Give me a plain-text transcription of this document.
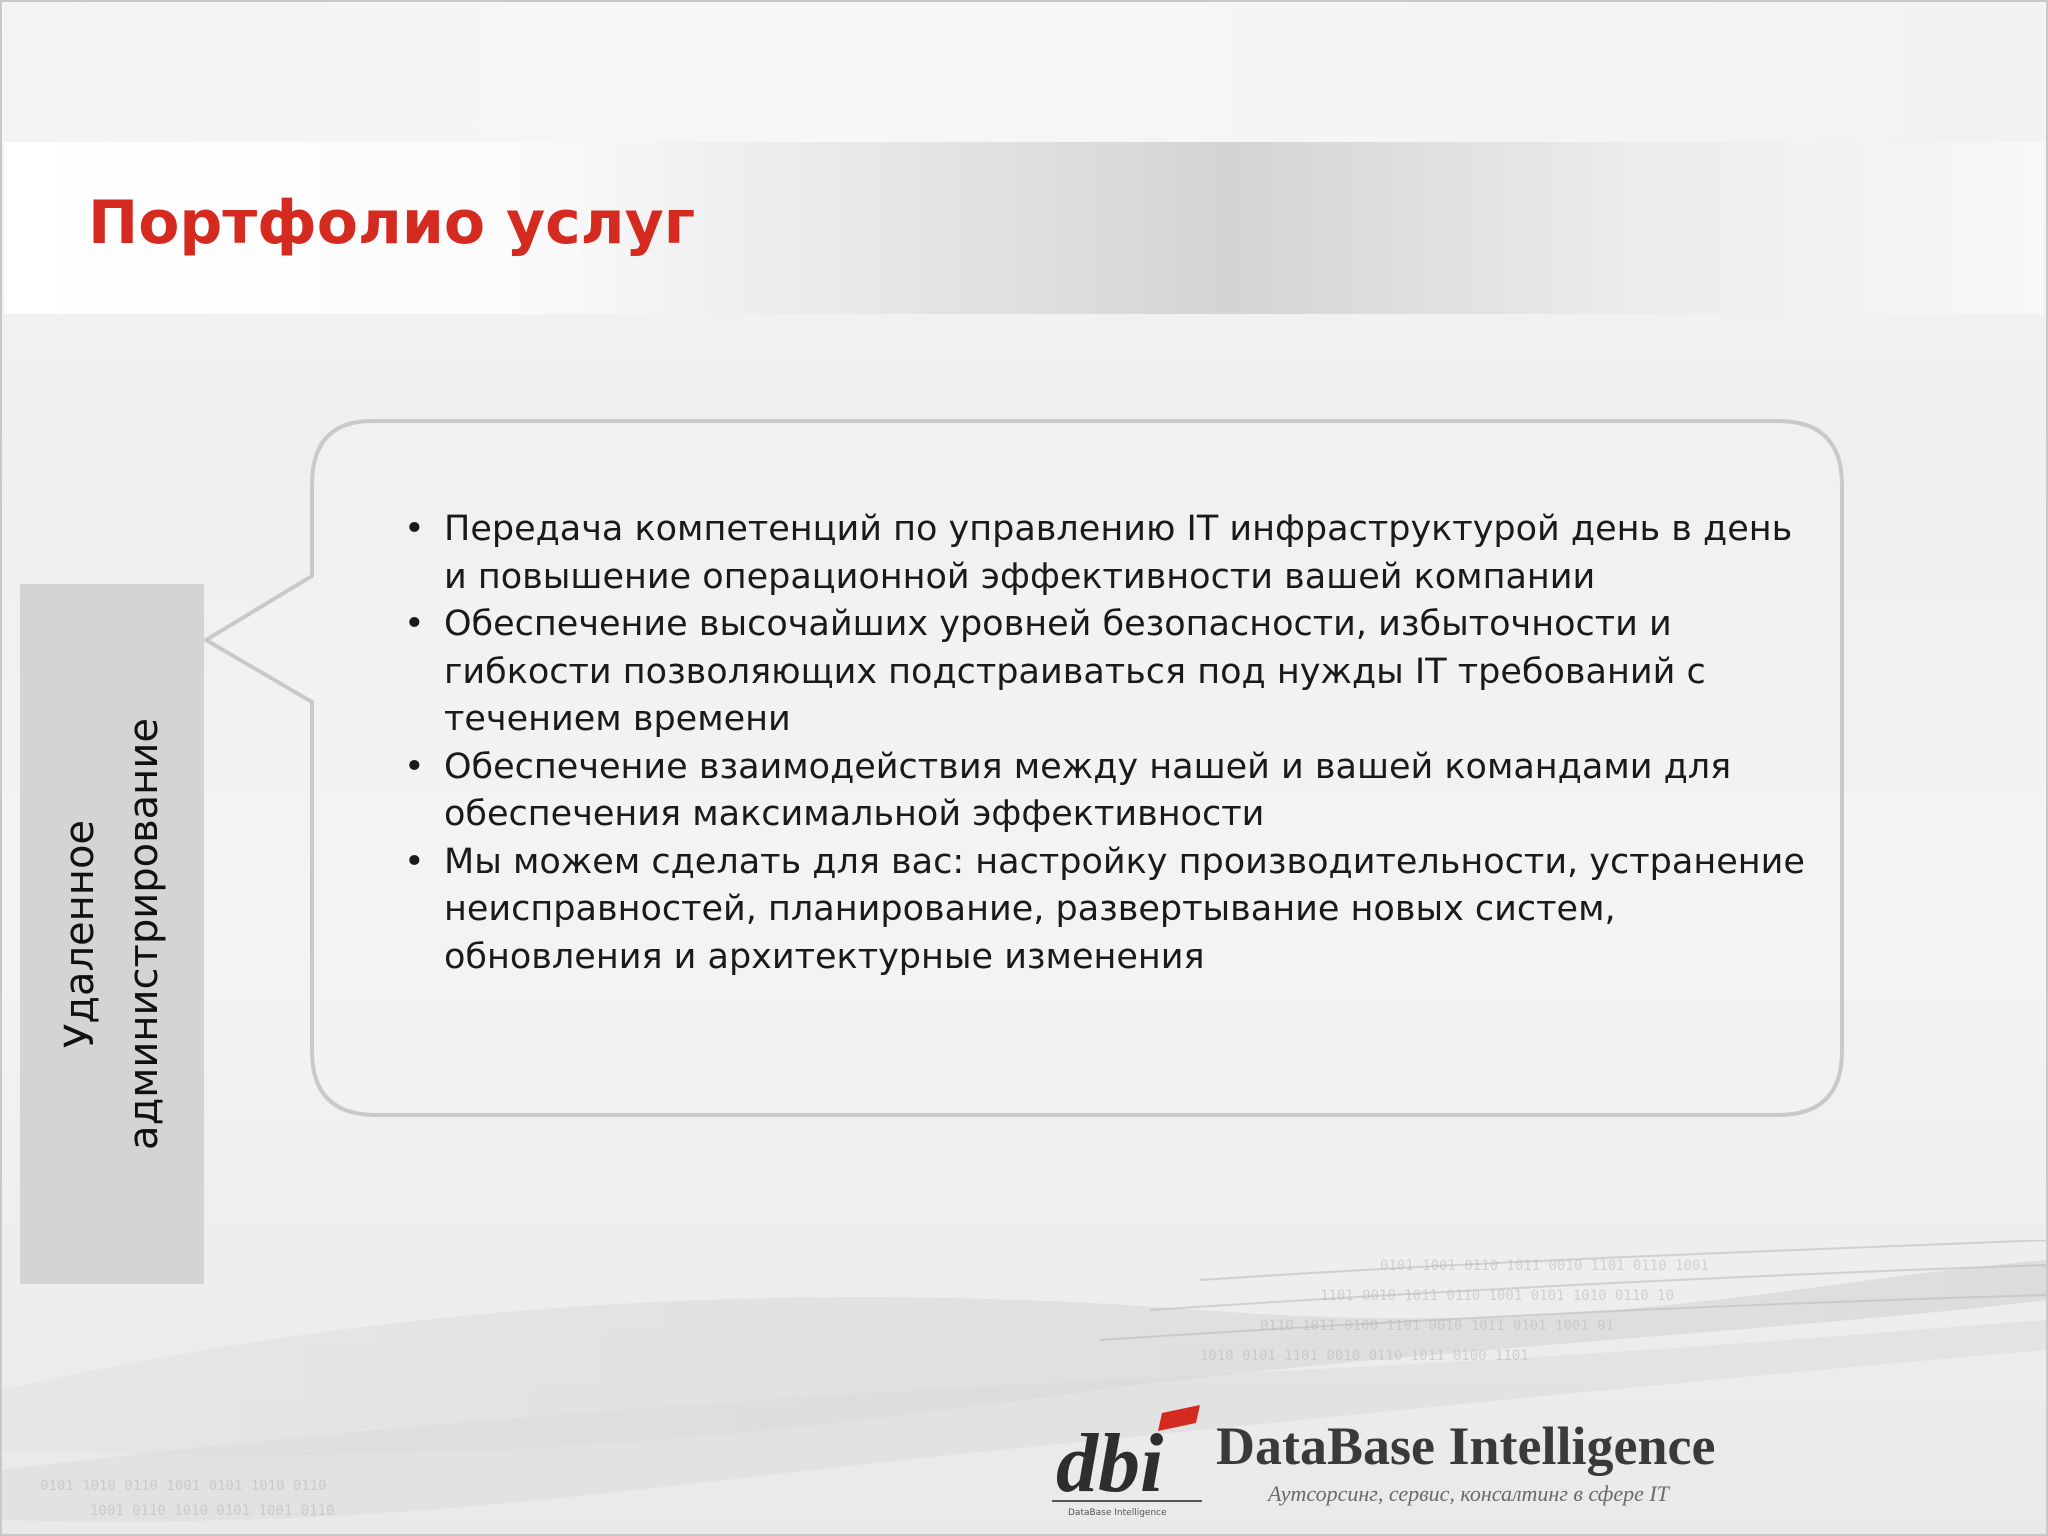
Портфолио услуг
0101 1001 0110 1011 0010 1101 0110 1001
1101 0010 1011 0110 1001 0101 1010 0110 10
0110 1011 0100 1101 0010 1011 0101 1001 01
1010 0101 1101 0010 0110 1011 0100 1101
0101 1010 0110 1001 0101 1010 0110
1001 0110 1010 0101 1001 0110
Удаленное администрирование
• Передача компетенций по управлению IT инфраструктурой день в день и повышение операционной эффективности вашей компании
• Обеспечение высочайших уровней безопасности, избыточности и гибкости позволяющих подстраиваться под нужды IT требований с течением времени
• Обеспечение взаимодействия между нашей и вашей командами для обеспечения максимальной эффективности
• Мы можем сделать для вас: настройку производительности, устранение неисправностей, планирование, развертывание новых систем, обновления и архитектурные изменения
dbi
DataBase Intelligence
DataBase Intelligence
Аутсорсинг, сервис, консалтинг в сфере IT
